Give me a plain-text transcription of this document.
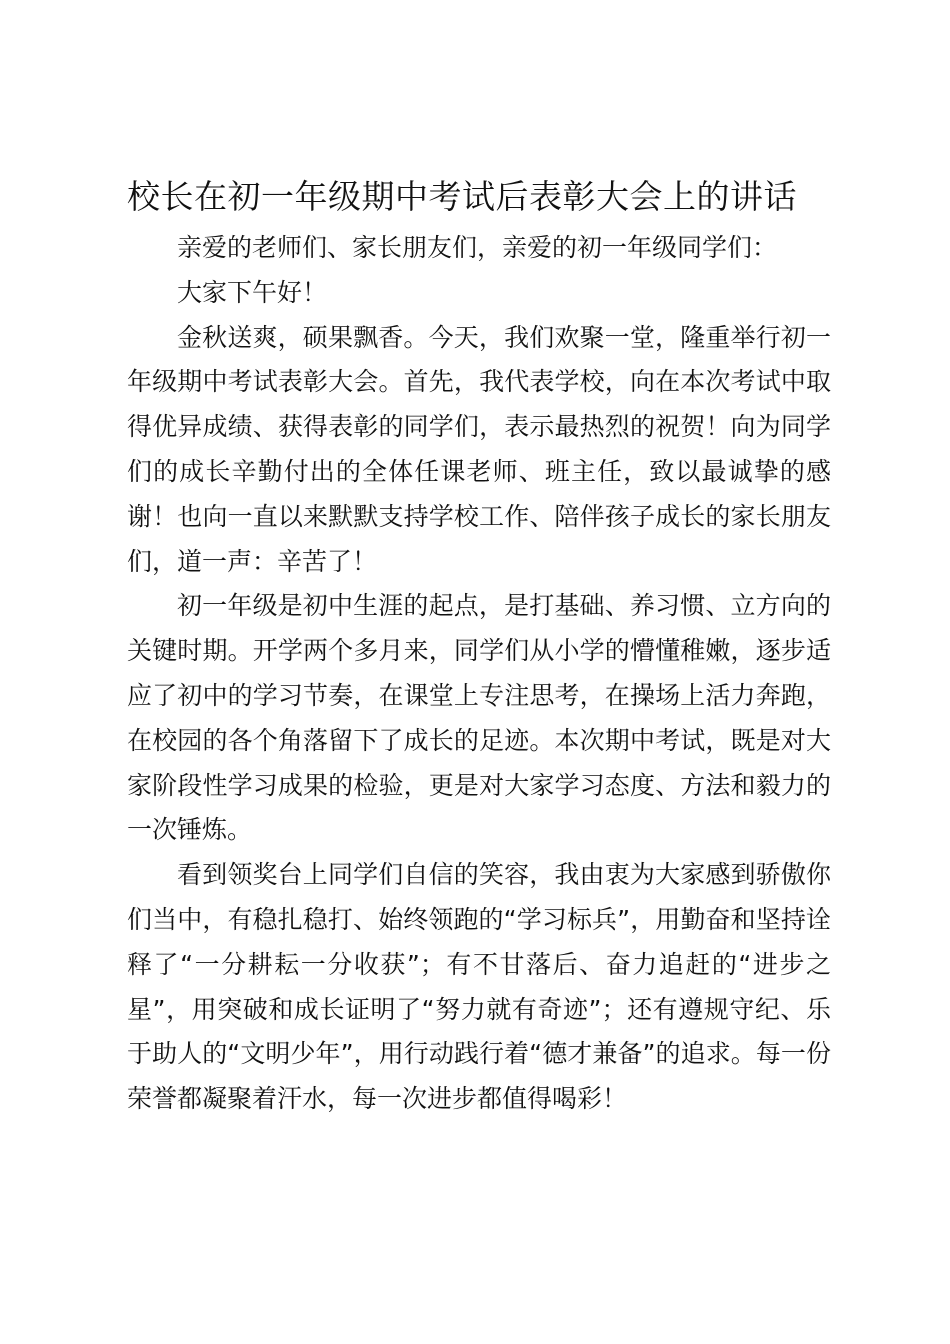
校长在初一年级期中考试后表彰大会上的讲话

亲爱的老师们、家长朋友们，亲爱的初一年级同学们：

大家下午好！

金秋送爽，硕果飘香。今天，我们欢聚一堂，隆重举行初一年级期中考试表彰大会。首先，我代表学校，向在本次考试中取得优异成绩、获得表彰的同学们，表示最热烈的祝贺！向为同学们的成长辛勤付出的全体任课老师、班主任，致以最诚挚的感谢！也向一直以来默默支持学校工作、陪伴孩子成长的家长朋友们，道一声：辛苦了！

初一年级是初中生涯的起点，是打基础、养习惯、立方向的关键时期。开学两个多月来，同学们从小学的懵懂稚嫩，逐步适应了初中的学习节奏，在课堂上专注思考，在操场上活力奔跑，在校园的各个角落留下了成长的足迹。本次期中考试，既是对大家阶段性学习成果的检验，更是对大家学习态度、方法和毅力的一次锤炼。

看到领奖台上同学们自信的笑容，我由衷为大家感到骄傲你们当中，有稳扎稳打、始终领跑的“学习标兵”，用勤奋和坚持诠释了“一分耕耘一分收获”；有不甘落后、奋力追赶的“进步之星”，用突破和成长证明了“努力就有奇迹”；还有遵规守纪、乐于助人的“文明少年”，用行动践行着“德才兼备”的追求。每一份荣誉都凝聚着汗水，每一次进步都值得喝彩！
